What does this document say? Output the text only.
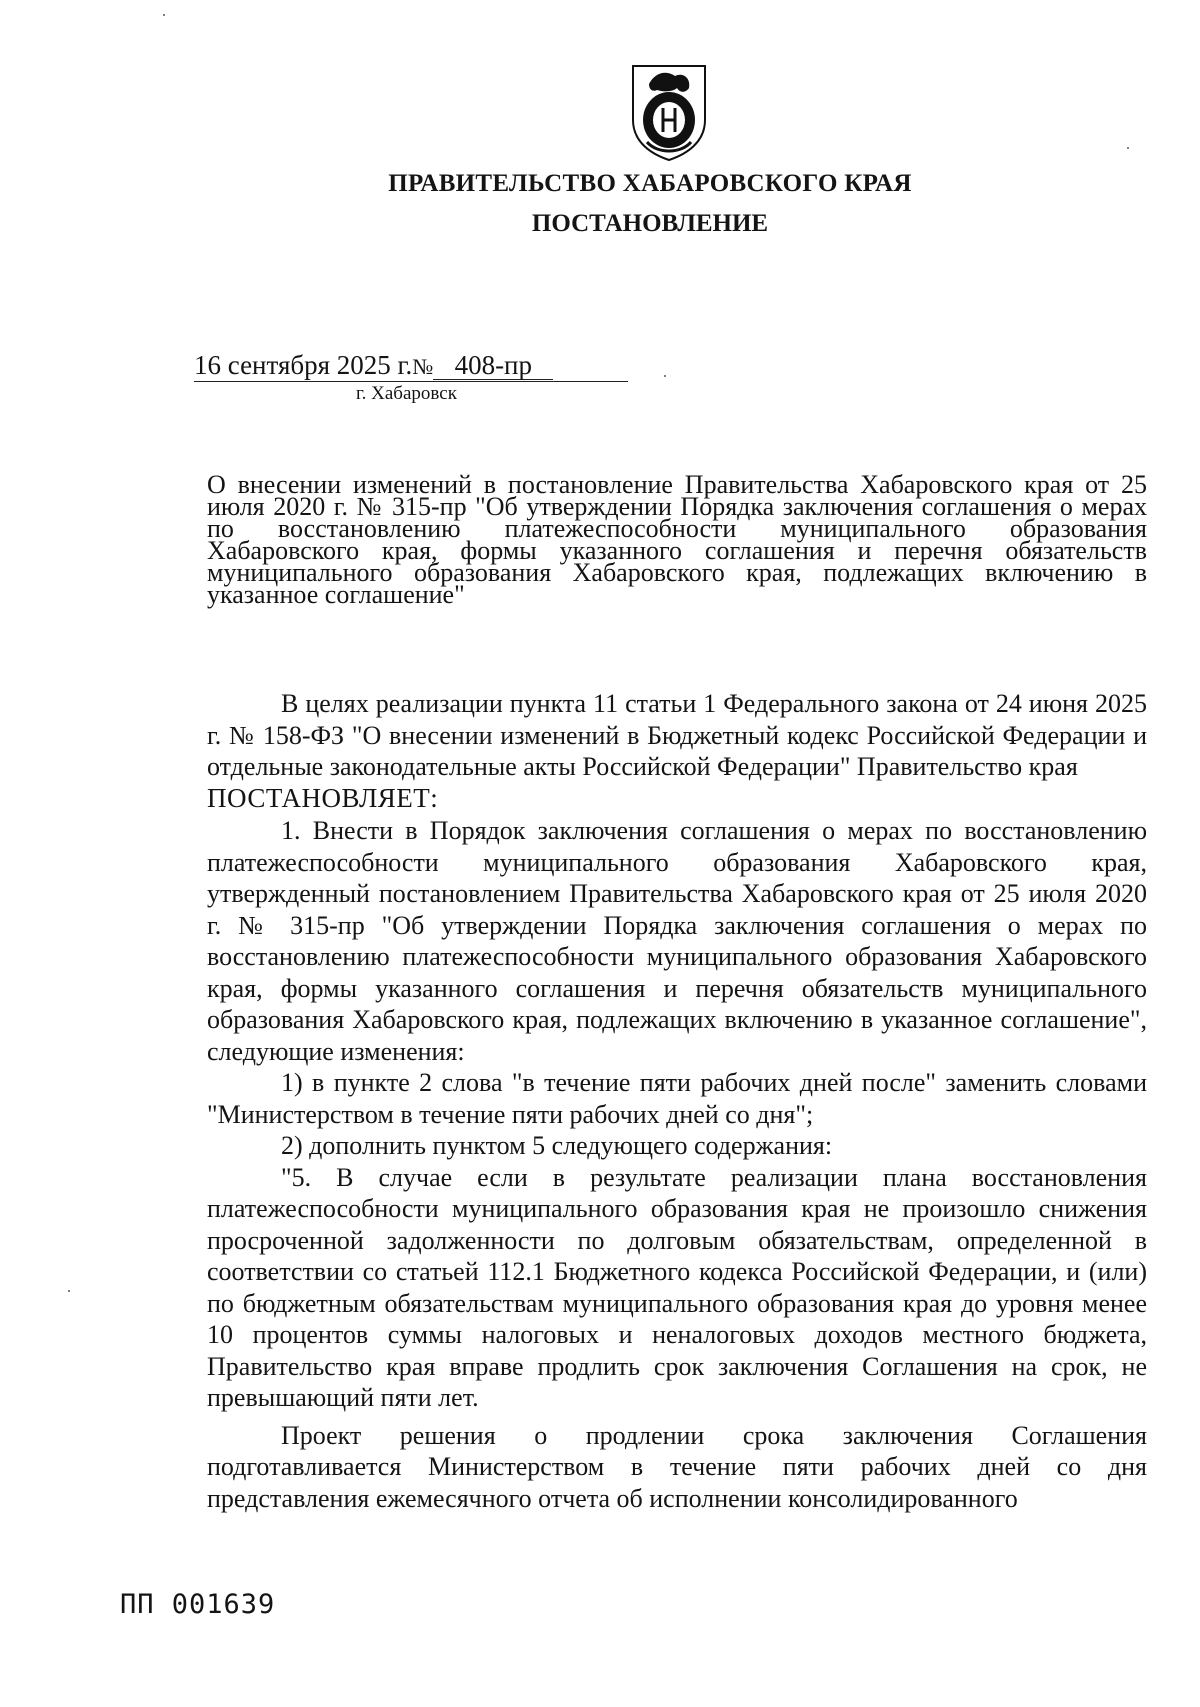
ПРАВИТЕЛЬСТВО ХАБАРОВСКОГО КРАЯ
ПОСТАНОВЛЕНИЕ
16 сентября 2025 г.№ 408-пр
г. Хабаровск
О внесении изменений в постановление Правительства Хабаровского края от 25 июля 2020 г. № 315-пр "Об утверждении Порядка заключения соглашения о мерах по восстановлению платежеспособности муниципального образования Хабаровского края, формы указанного соглашения и перечня обязательств муниципального образования Хабаровского края, подлежащих включению в указанное соглашение"

В целях реализации пункта 11 статьи 1 Федерального закона от 24 июня 2025 г. № 158-ФЗ "О внесении изменений в Бюджетный кодекс Российской Федерации и отдельные законодательные акты Российской Федерации" Правительство края

ПОСТАНОВЛЯЕТ:

1. Внести в Порядок заключения соглашения о мерах по восстановлению платежеспособности муниципального образования Хабаровского края, утвержденный постановлением Правительства Хабаровского края от 25 июля 2020 г. № 315-пр "Об утверждении Порядка заключения соглашения о мерах по восстановлению платежеспособности муниципального образования Хабаровского края, формы указанного соглашения и перечня обязательств муниципального образования Хабаровского края, подлежащих включению в указанное соглашение", следующие изменения:

1) в пункте 2 слова "в течение пяти рабочих дней после" заменить словами "Министерством в течение пяти рабочих дней со дня";

2) дополнить пунктом 5 следующего содержания:

"5. В случае если в результате реализации плана восстановления платежеспособности муниципального образования края не произошло снижения просроченной задолженности по долговым обязательствам, определенной в соответствии со статьей 112.1 Бюджетного кодекса Российской Федерации, и (или) по бюджетным обязательствам муниципального образования края до уровня менее 10 процентов суммы налоговых и неналоговых доходов местного бюджета, Правительство края вправе продлить срок заключения Соглашения на срок, не превышающий пяти лет.

Проект решения о продлении срока заключения Соглашения подготавливается Министерством в течение пяти рабочих дней со дня представления ежемесячного отчета об исполнении консолидированного

ПП 001639
